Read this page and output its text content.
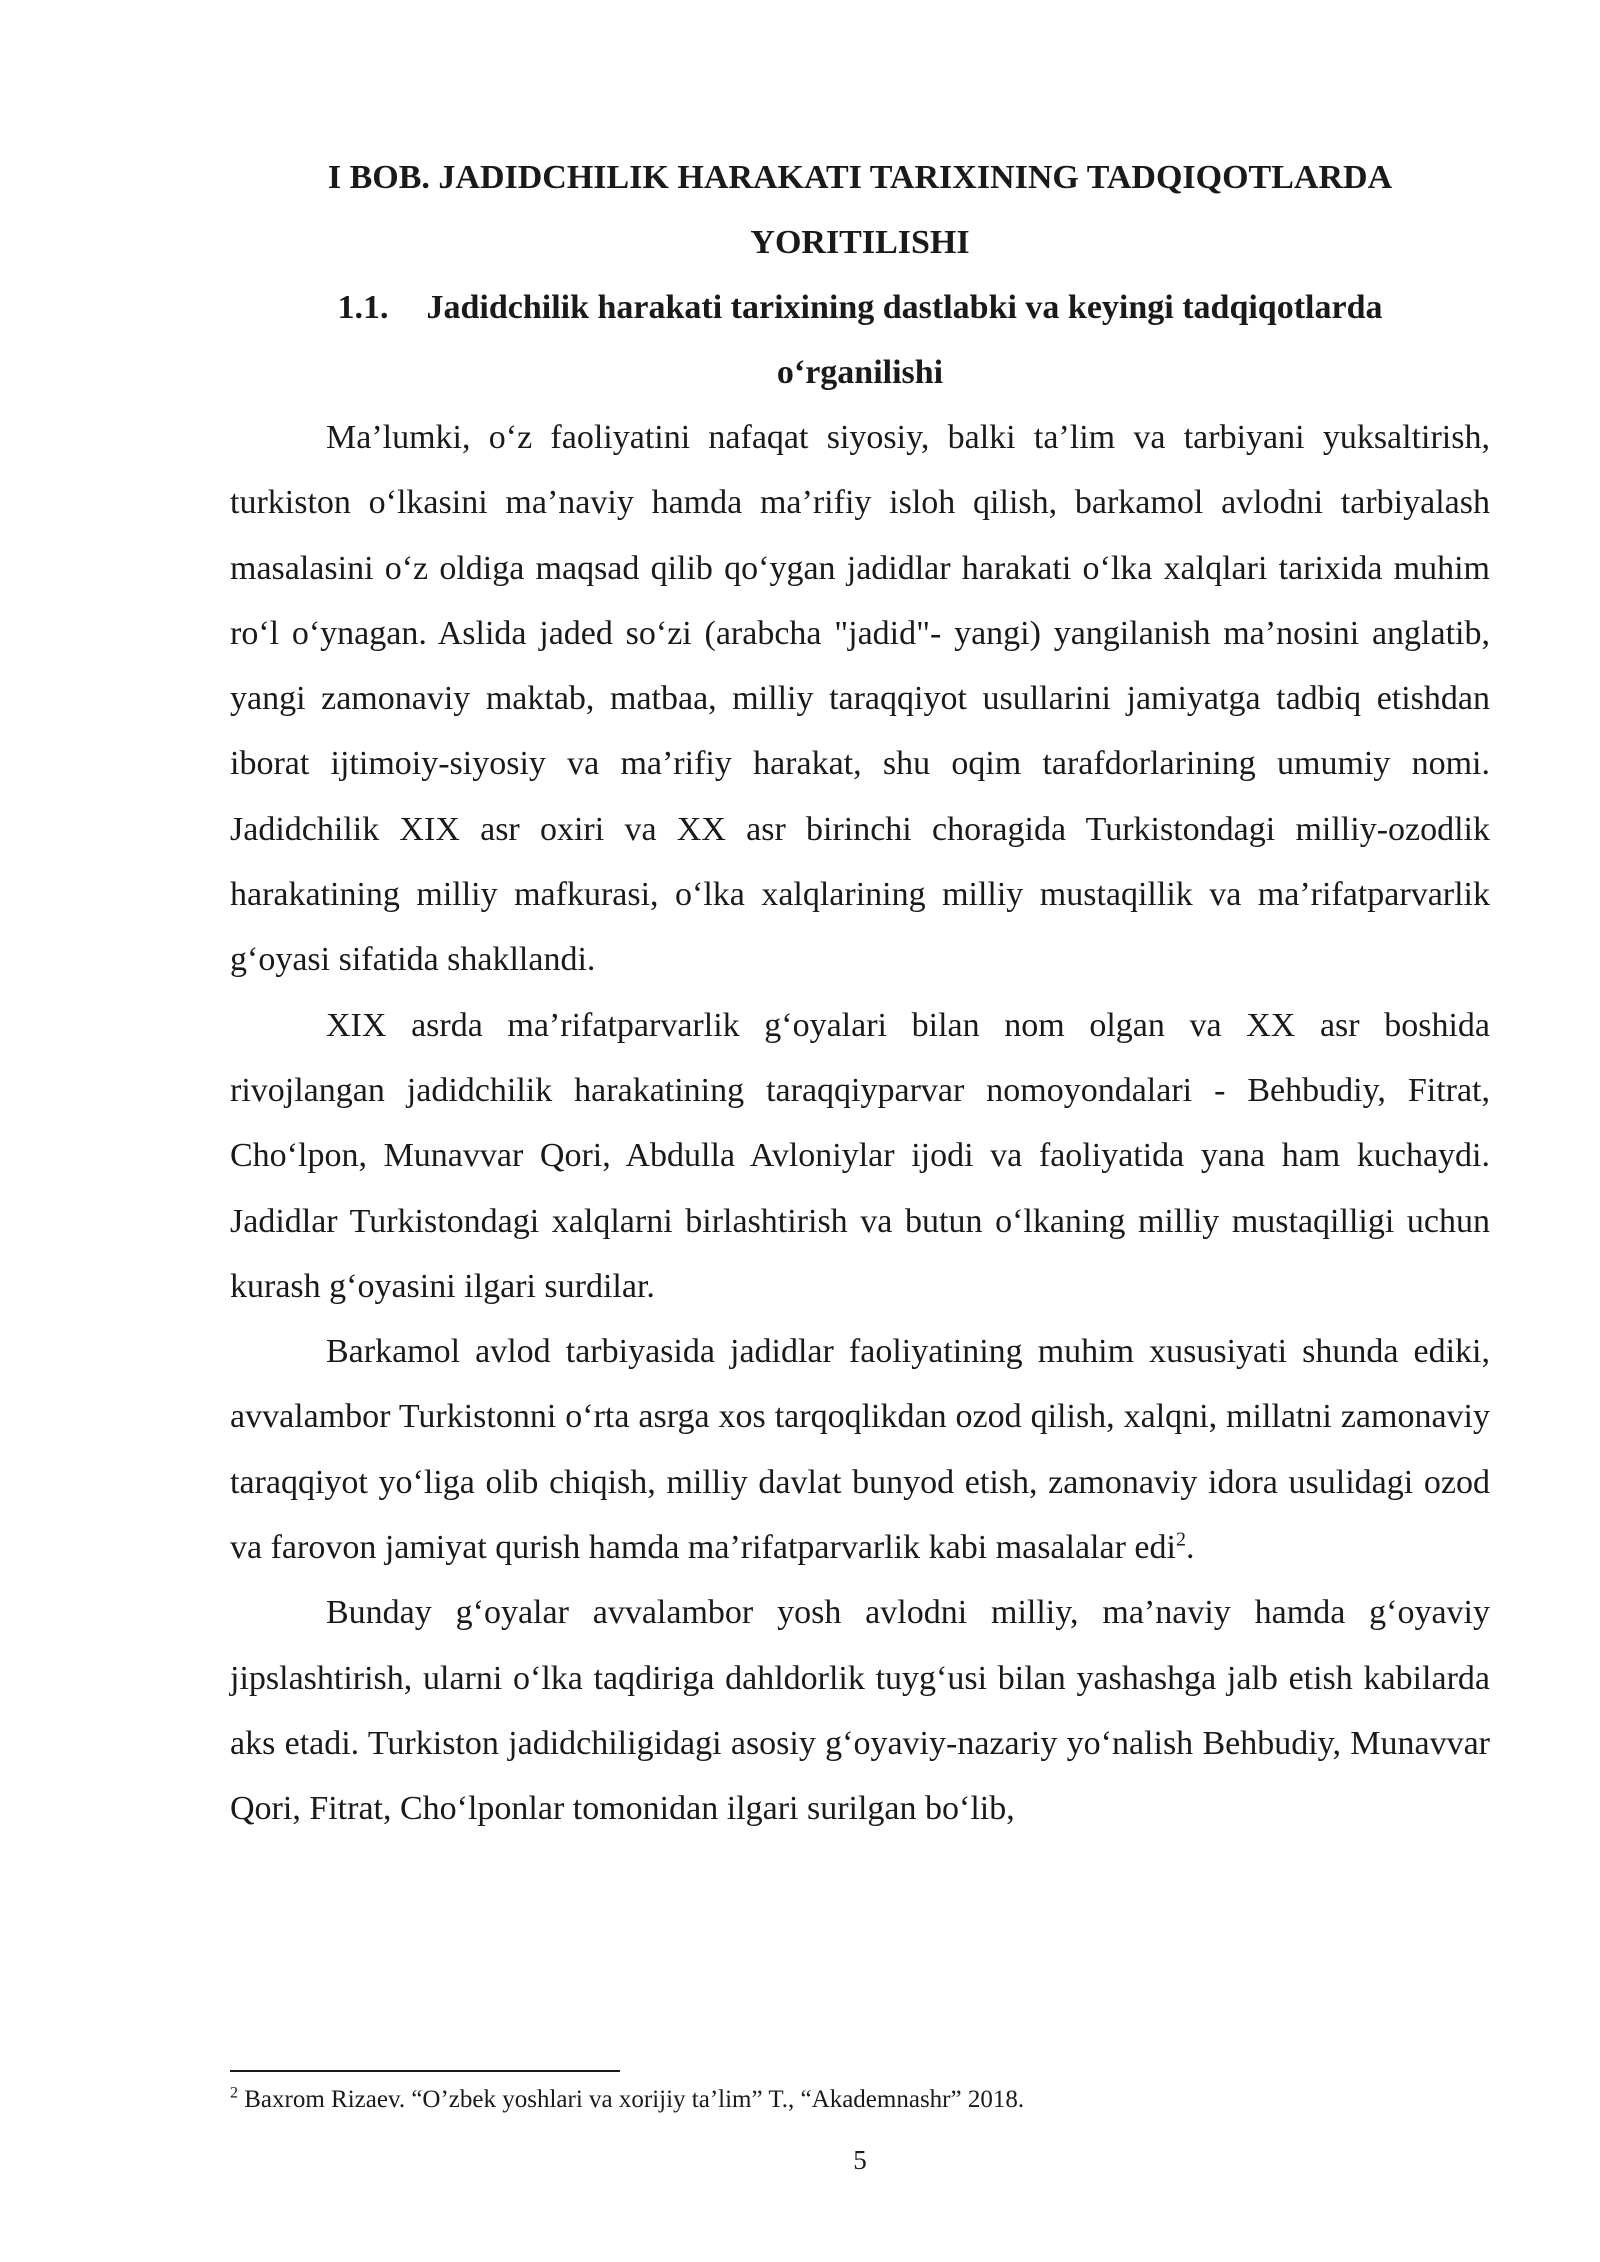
I BOB. JADIDCHILIK HARAKATI TARIXINING TADQIQOTLARDA
YORITILISHI
1.1. Jadidchilik harakati tarixining dastlabki va keyingi tadqiqotlarda
o‘rganilishi

Ma’lumki, o‘z faoliyatini nafaqat siyosiy, balki ta’lim va tarbiyani yuksaltirish, turkiston o‘lkasini ma’naviy hamda ma’rifiy isloh qilish, barkamol avlodni tarbiyalash masalasini o‘z oldiga maqsad qilib qo‘ygan jadidlar harakati o‘lka xalqlari tarixida muhim ro‘l o‘ynagan. Aslida jaded so‘zi (arabcha "jadid"- yangi) yangilanish ma’nosini anglatib, yangi zamonaviy maktab, matbaa, milliy taraqqiyot usullarini jamiyatga tadbiq etishdan iborat ijtimoiy-siyosiy va ma’rifiy harakat, shu oqim tarafdorlarining umumiy nomi. Jadidchilik XIX asr oxiri va XX asr birinchi choragida Turkistondagi milliy-ozodlik harakatining milliy mafkurasi, o‘lka xalqlarining milliy mustaqillik va ma’rifatparvarlik g‘oyasi sifatida shakllandi.

XIX asrda ma’rifatparvarlik g‘oyalari bilan nom olgan va XX asr boshida rivojlangan jadidchilik harakatining taraqqiyparvar nomoyondalari - Behbudiy, Fitrat, Cho‘lpon, Munavvar Qori, Abdulla Avloniylar ijodi va faoliyatida yana ham kuchaydi. Jadidlar Turkistondagi xalqlarni birlashtirish va butun o‘lkaning milliy mustaqilligi uchun kurash g‘oyasini ilgari surdilar.

Barkamol avlod tarbiyasida jadidlar faoliyatining muhim xususiyati shunda ediki, avvalambor Turkistonni o‘rta asrga xos tarqoqlikdan ozod qilish, xalqni, millatni zamonaviy taraqqiyot yo‘liga olib chiqish, milliy davlat bunyod etish, zamonaviy idora usulidagi ozod va farovon jamiyat qurish hamda ma’rifatparvarlik kabi masalalar edi$^2$.

Bunday g‘oyalar avvalambor yosh avlodni milliy, ma’naviy hamda g‘oyaviy jipslashtirish, ularni o‘lka taqdiriga dahldorlik tuyg‘usi bilan yashashga jalb etish kabilarda aks etadi. Turkiston jadidchiligidagi asosiy g‘oyaviy-nazariy yo‘nalish Behbudiy, Munavvar Qori, Fitrat, Cho‘lponlar tomonidan ilgari surilgan bo‘lib,

$^2$ Baxrom Rizaev. “O’zbek yoshlari va xorijiy ta’lim” T., “Akademnashr” 2018.

5
